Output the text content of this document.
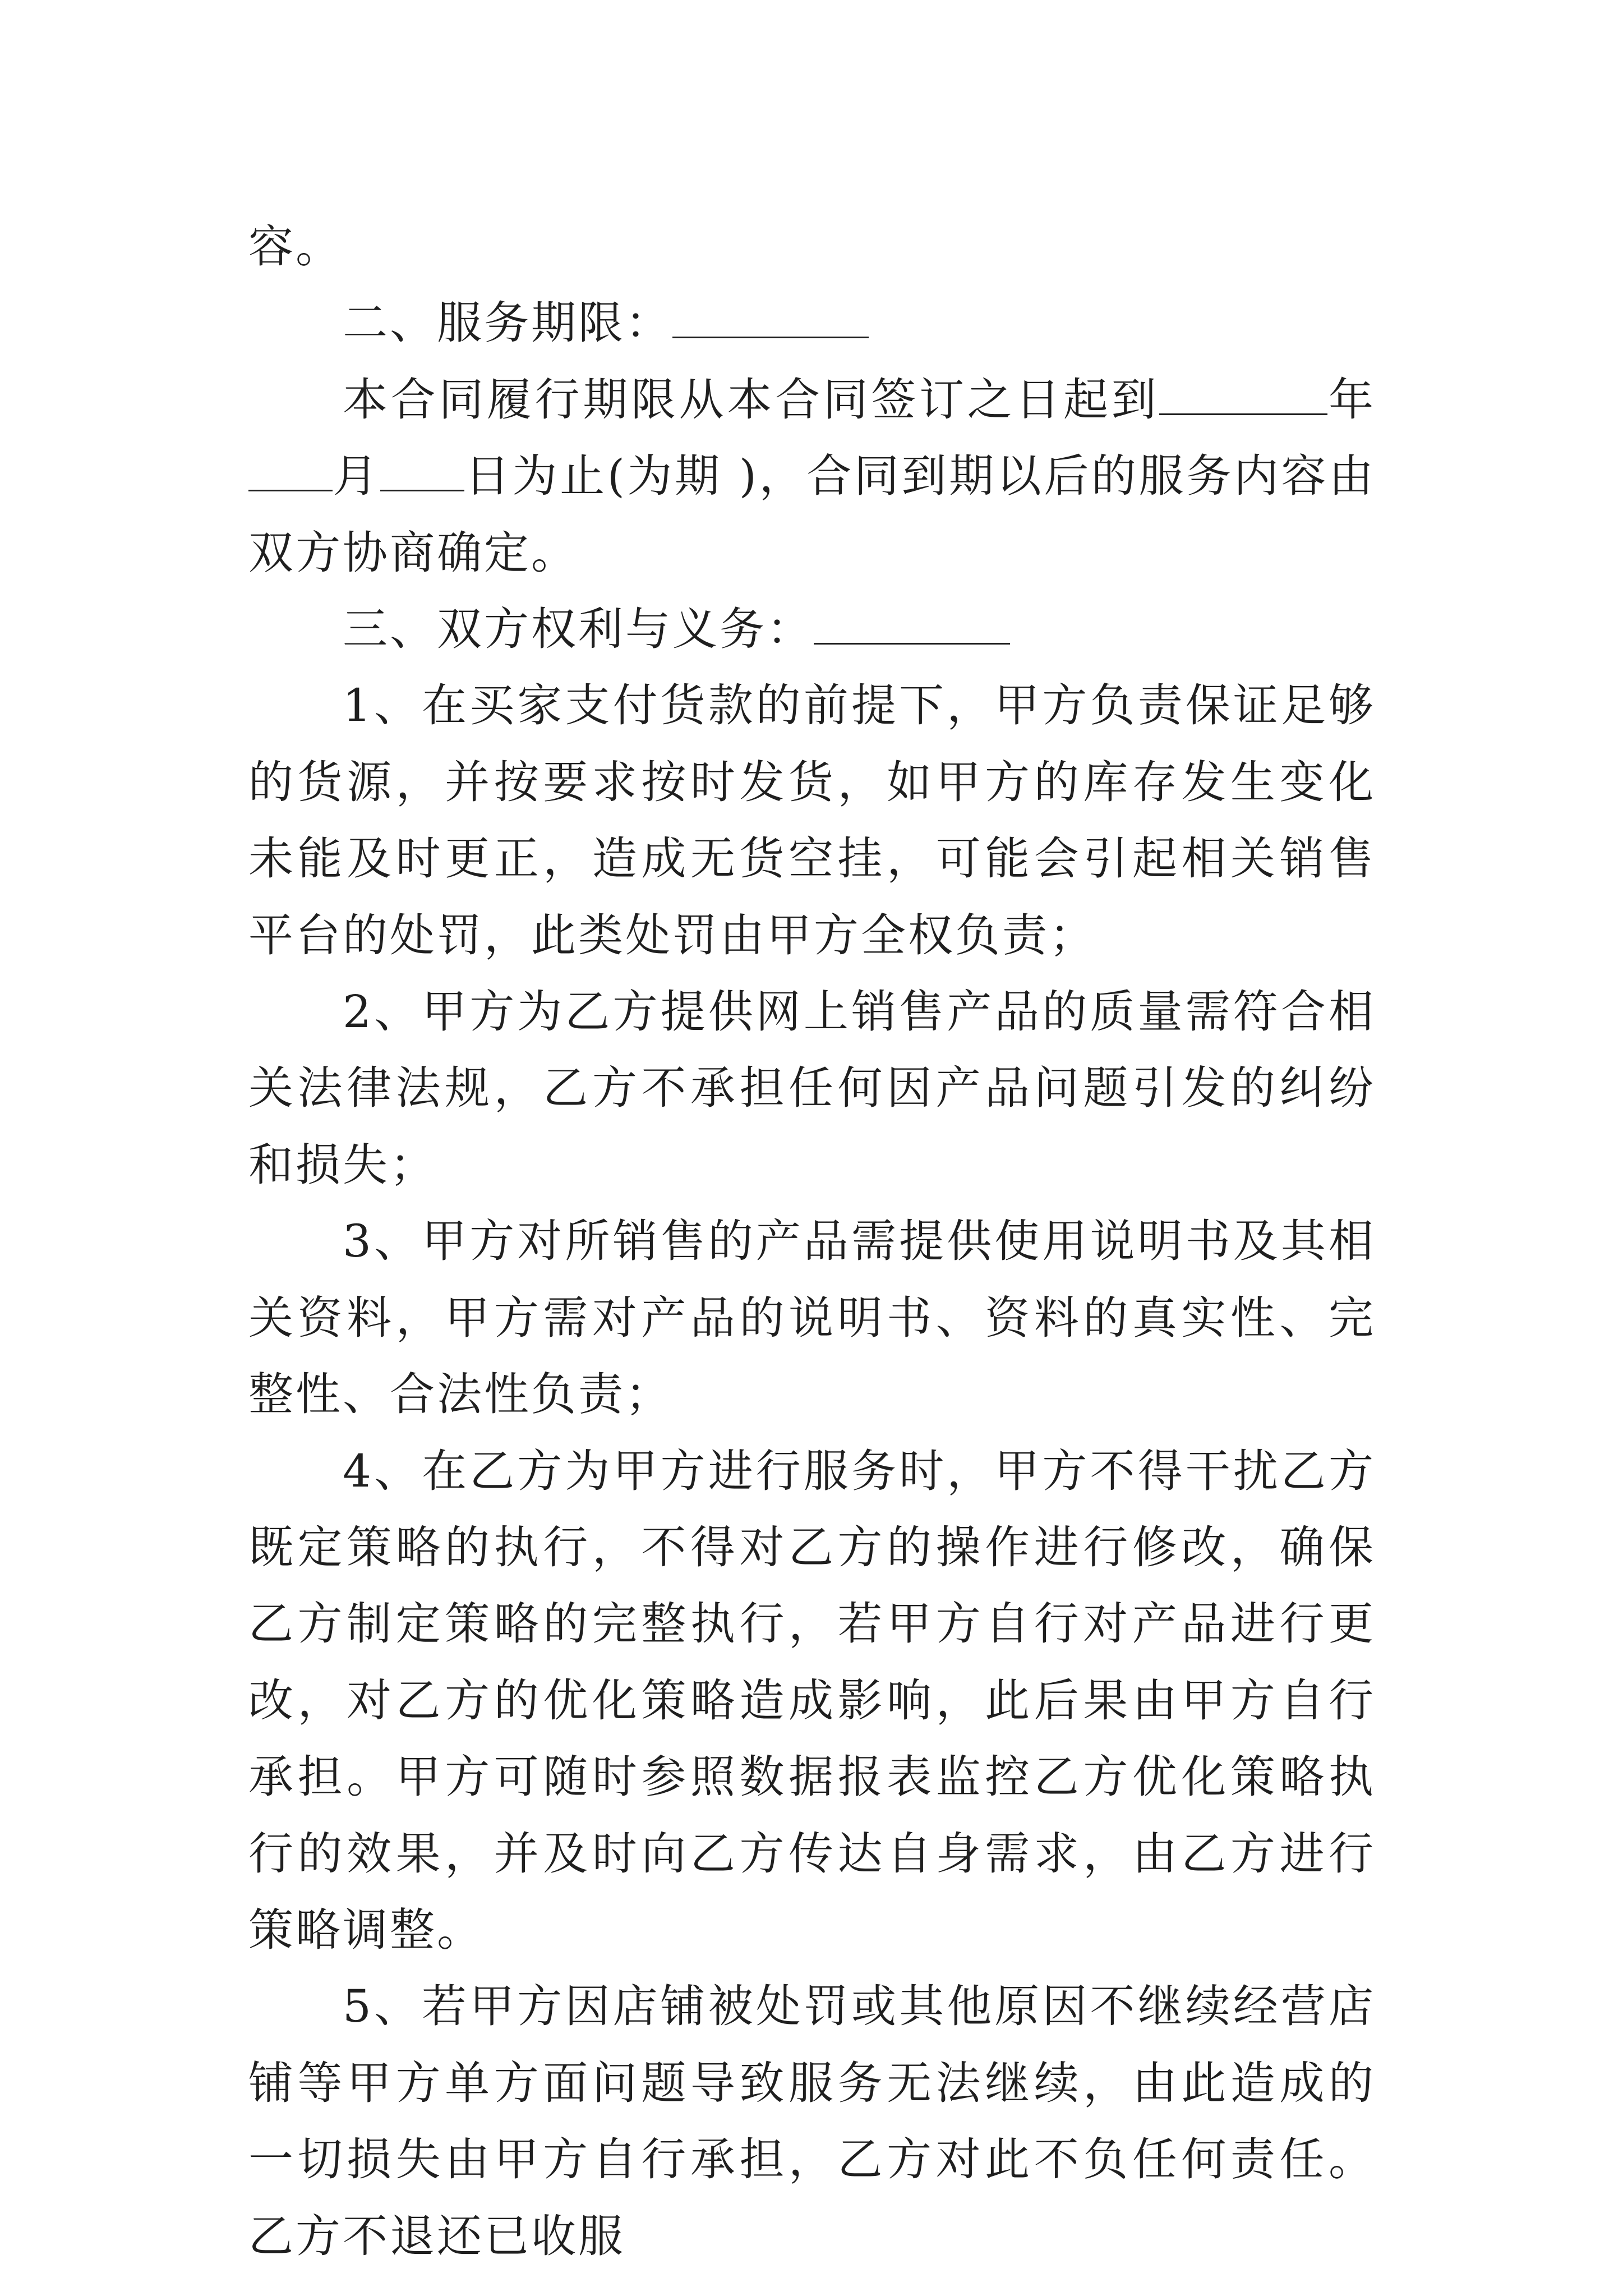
容。

二、服务期限：

本合同履行期限从本合同签订之日起到	年月 日为止(为期 )，合同到期以后的服务内容由双方协商确定。

三、双方权利与义务：

1、在买家支付货款的前提下，甲方负责保证足够的货源，并按要求按时发货，如甲方的库存发生变化未能及时更正，造成无货空挂，可能会引起相关销售平台的处罚，此类处罚由甲方全权负责；

2、甲方为乙方提供网上销售产品的质量需符合相关法律法规，乙方不承担任何因产品问题引发的纠纷和损失；

3、甲方对所销售的产品需提供使用说明书及其相关资料，甲方需对产品的说明书、资料的真实性、完整性、合法性负责；

4、在乙方为甲方进行服务时，甲方不得干扰乙方既定策略的执行，不得对乙方的操作进行修改，确保乙方制定策略的完整执行，若甲方自行对产品进行更改，对乙方的优化策略造成影响，此后果由甲方自行承担。甲方可随时参照数据报表监控乙方优化策略执行的效果，并及时向乙方传达自身需求，由乙方进行策略调整。

5、若甲方因店铺被处罚或其他原因不继续经营店铺等甲方单方面问题导致服务无法继续，由此造成的一切损失由甲方自行承担，乙方对此不负任何责任。乙方不退还已收服
